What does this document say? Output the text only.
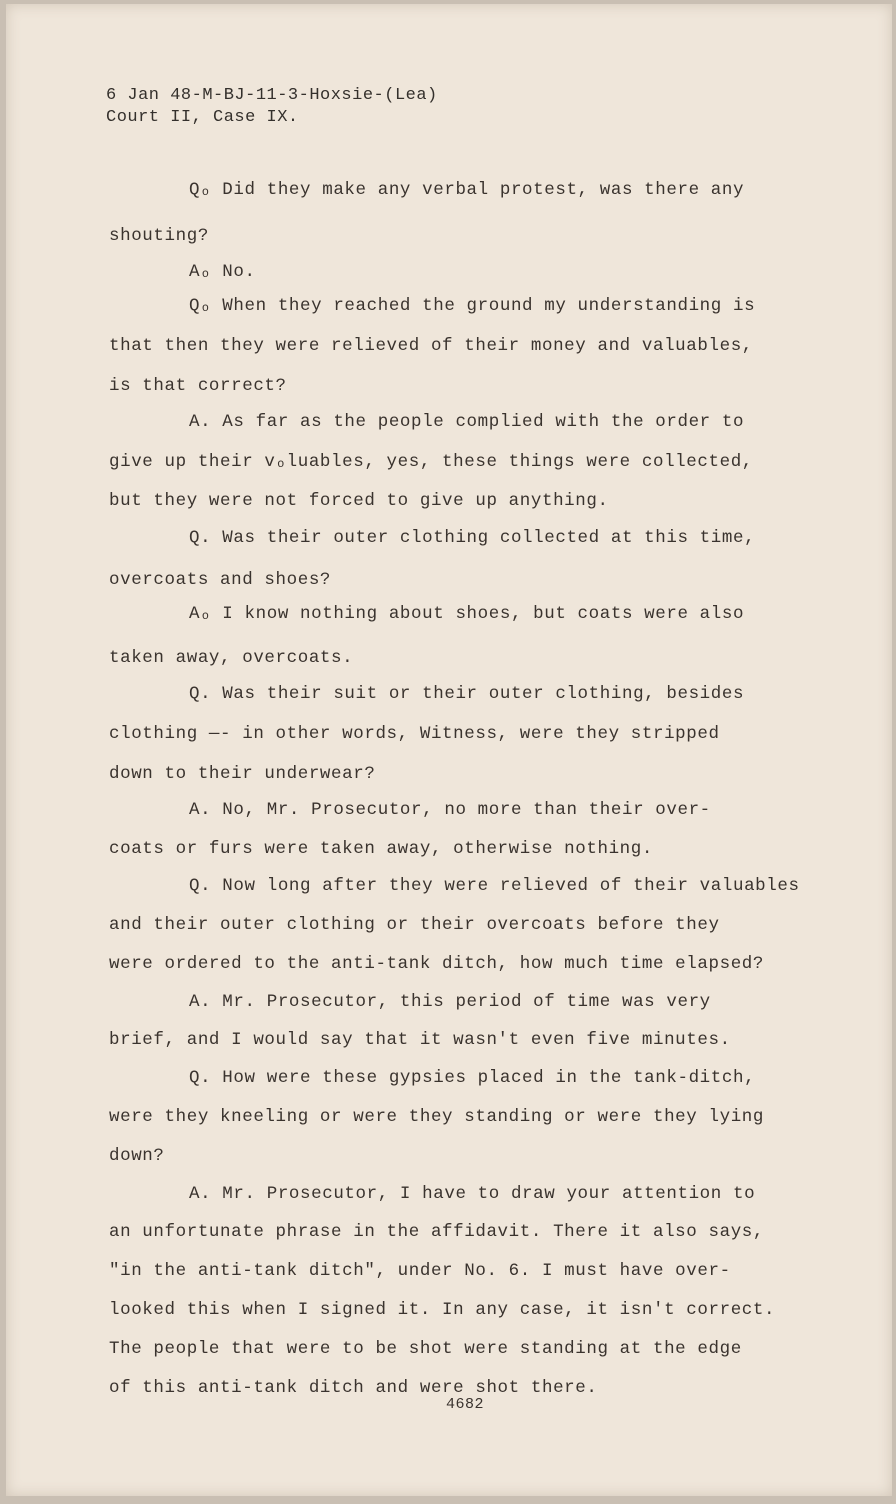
6 Jan 48-M-BJ-11-3-Hoxsie-(Lea)
Court II, Case IX.
Qₒ Did they make any verbal protest, was there any
shouting?
Aₒ No.
Qₒ When they reached the ground my understanding is
that then they were relieved of their money and valuables,
is that correct?
A. As far as the people complied with the order to
give up their vₒluables, yes, these things were collected,
but they were not forced to give up anything.
Q. Was their outer clothing collected at this time,
overcoats and shoes?
Aₒ I know nothing about shoes, but coats were also
taken away, overcoats.
Q. Was their suit or their outer clothing, besides
clothing —- in other words, Witness, were they stripped
down to their underwear?
A. No, Mr. Prosecutor, no more than their over-
coats or furs were taken away, otherwise nothing.
Q. Now long after they were relieved of their valuables
and their outer clothing or their overcoats before they
were ordered to the anti-tank ditch, how much time elapsed?
A. Mr. Prosecutor, this period of time was very
brief, and I would say that it wasn't even five minutes.
Q. How were these gypsies placed in the tank-ditch,
were they kneeling or were they standing or were they lying
down?
A. Mr. Prosecutor, I have to draw your attention to
an unfortunate phrase in the affidavit. There it also says,
"in the anti-tank ditch", under No. 6. I must have over-
looked this when I signed it. In any case, it isn't correct.
The people that were to be shot were standing at the edge
of this anti-tank ditch and were shot there.
4682
